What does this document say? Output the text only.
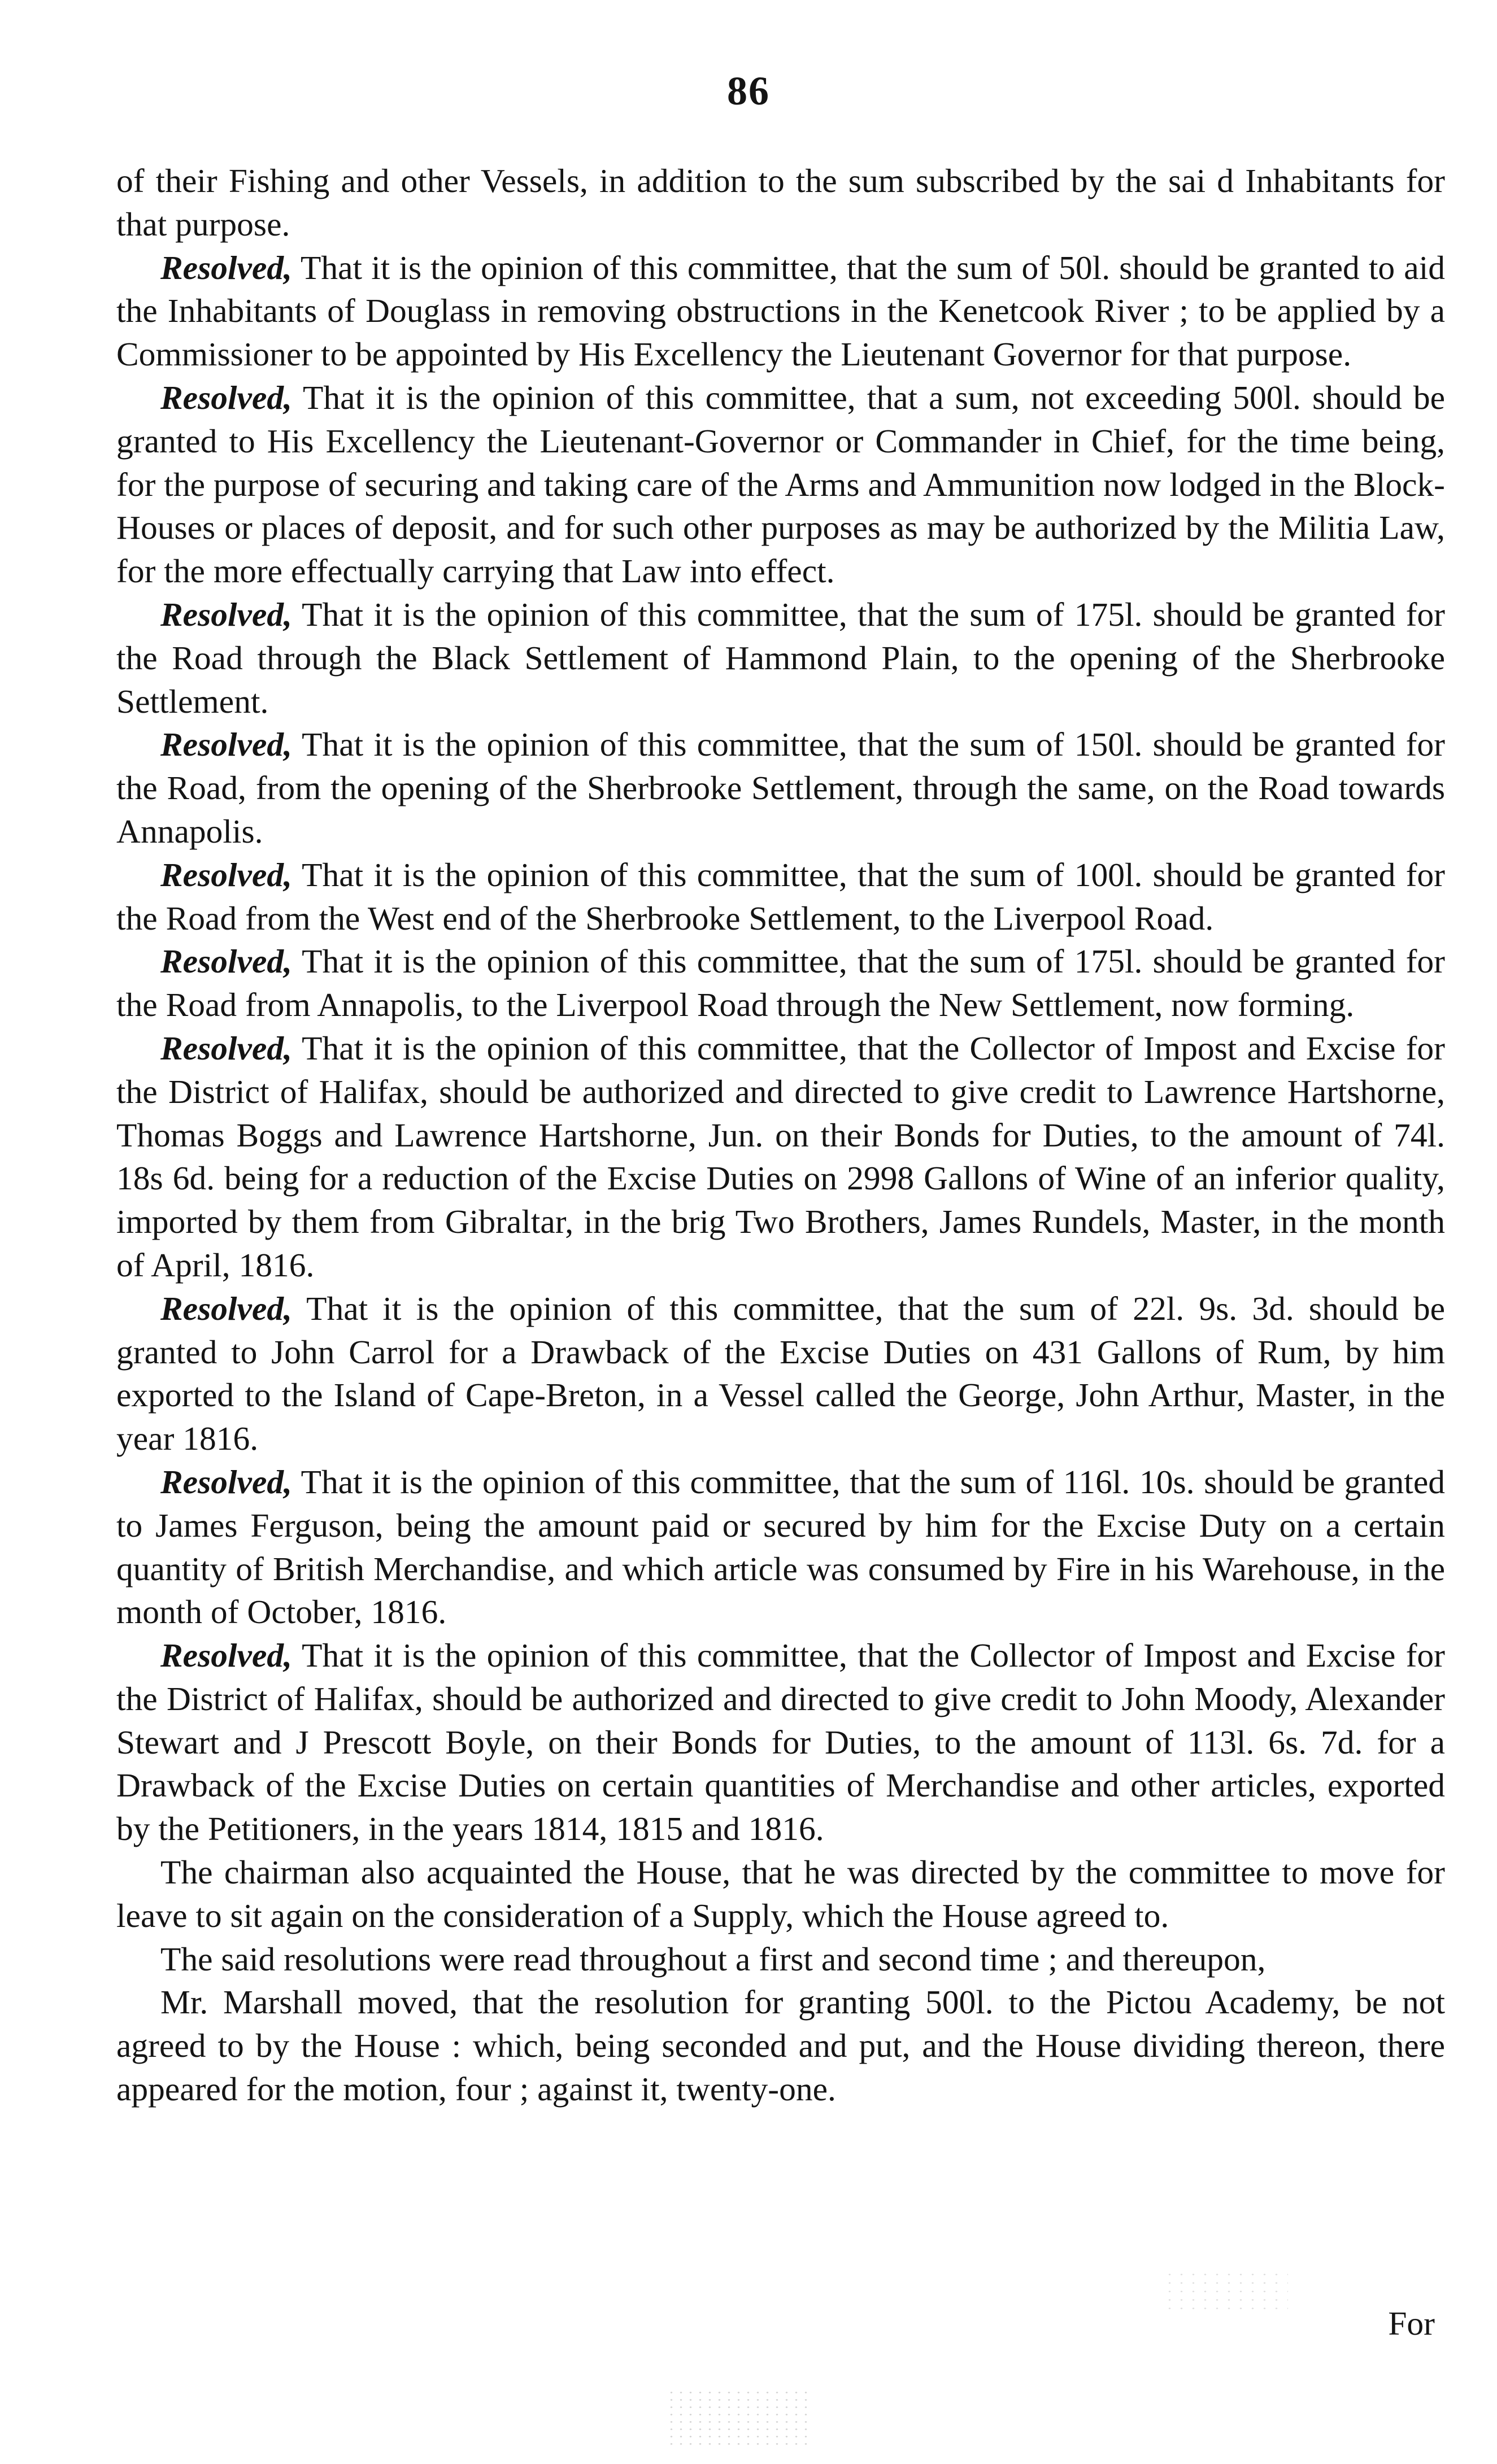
86

of their Fishing and other Vessels, in addition to the sum subscribed by the sai d Inhabitants for that purpose.

Resolved, That it is the opinion of this committee, that the sum of 50l. should be granted to aid the Inhabitants of Douglass in removing obstructions in the Kenetcook River ; to be applied by a Commissioner to be appointed by His Excellency the Lieutenant Governor for that purpose.

Resolved, That it is the opinion of this committee, that a sum, not exceeding 500l. should be granted to His Excellency the Lieutenant-Governor or Commander in Chief, for the time being, for the purpose of securing and taking care of the Arms and Ammunition now lodged in the Block-Houses or places of deposit, and for such other purposes as may be authorized by the Militia Law, for the more effectually carrying that Law into effect.

Resolved, That it is the opinion of this committee, that the sum of 175l. should be granted for the Road through the Black Settlement of Hammond Plain, to the opening of the Sherbrooke Settlement.

Resolved, That it is the opinion of this committee, that the sum of 150l. should be granted for the Road, from the opening of the Sherbrooke Settlement, through the same, on the Road towards Annapolis.

Resolved, That it is the opinion of this committee, that the sum of 100l. should be granted for the Road from the West end of the Sherbrooke Settlement, to the Liverpool Road.

Resolved, That it is the opinion of this committee, that the sum of 175l. should be granted for the Road from Annapolis, to the Liverpool Road through the New Settlement, now forming.

Resolved, That it is the opinion of this committee, that the Collector of Impost and Excise for the District of Halifax, should be authorized and directed to give credit to Lawrence Hartshorne, Thomas Boggs and Lawrence Hartshorne, Jun. on their Bonds for Duties, to the amount of 74l. 18s 6d. being for a reduction of the Excise Duties on 2998 Gallons of Wine of an inferior quality, imported by them from Gibraltar, in the brig Two Brothers, James Rundels, Master, in the month of April, 1816.

Resolved, That it is the opinion of this committee, that the sum of 22l. 9s. 3d. should be granted to John Carrol for a Drawback of the Excise Duties on 431 Gallons of Rum, by him exported to the Island of Cape-Breton, in a Vessel called the George, John Arthur, Master, in the year 1816.

Resolved, That it is the opinion of this committee, that the sum of 116l. 10s. should be granted to James Ferguson, being the amount paid or secured by him for the Excise Duty on a certain quantity of British Merchandise, and which article was consumed by Fire in his Warehouse, in the month of October, 1816.

Resolved, That it is the opinion of this committee, that the Collector of Impost and Excise for the District of Halifax, should be authorized and directed to give credit to John Moody, Alexander Stewart and J Prescott Boyle, on their Bonds for Duties, to the amount of 113l. 6s. 7d. for a Drawback of the Excise Duties on certain quantities of Merchandise and other articles, exported by the Petitioners, in the years 1814, 1815 and 1816.

The chairman also acquainted the House, that he was directed by the committee to move for leave to sit again on the consideration of a Supply, which the House agreed to.

The said resolutions were read throughout a first and second time ; and thereupon,

Mr. Marshall moved, that the resolution for granting 500l. to the Pictou Academy, be not agreed to by the House : which, being seconded and put, and the House dividing thereon, there appeared for the motion, four ; against it, twenty-one.

For
